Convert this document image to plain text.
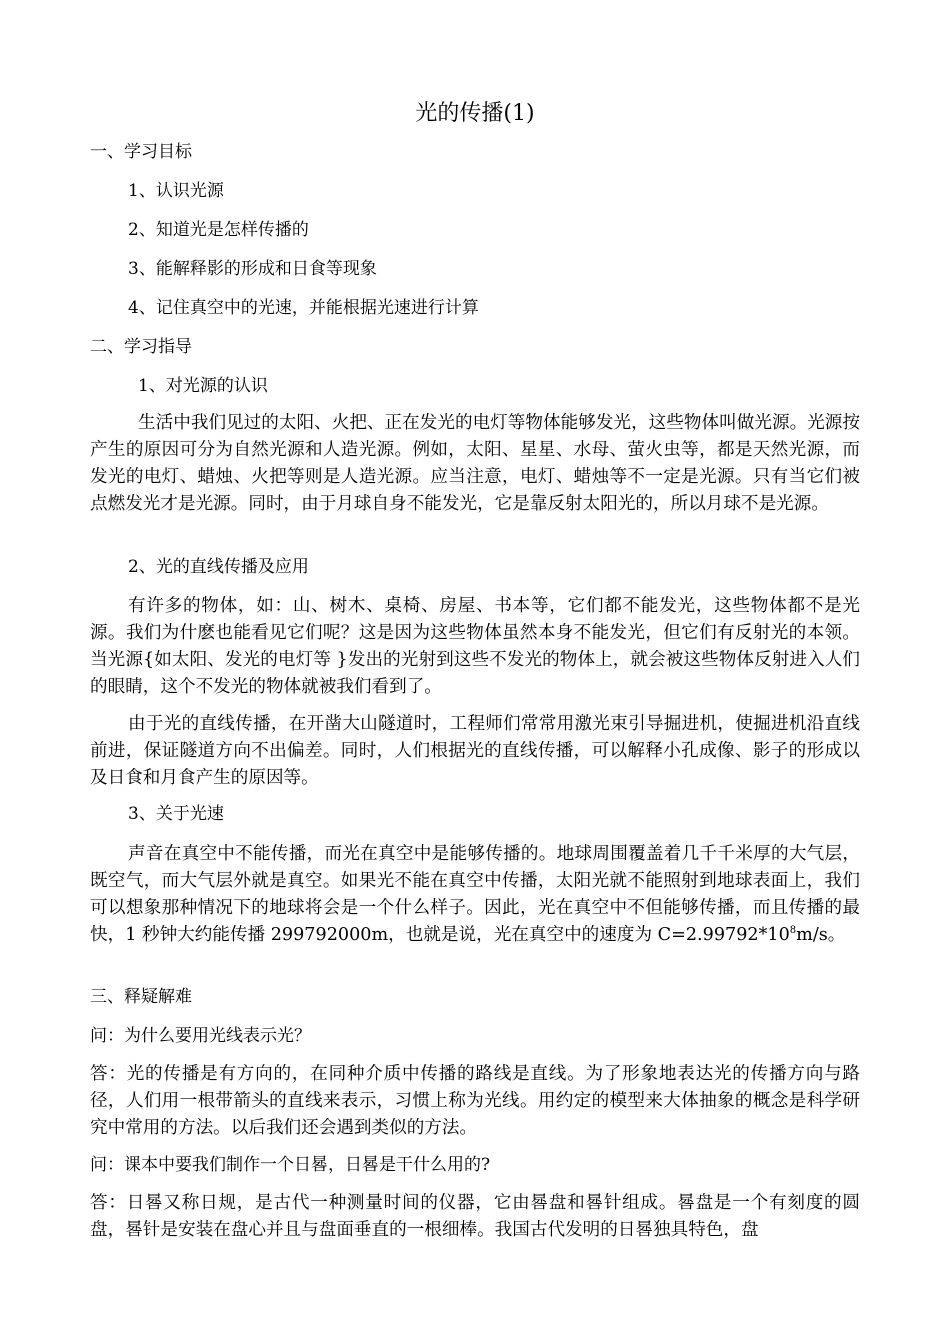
光的传播(1)

一、学习目标

1、认识光源

2、知道光是怎样传播的

3、能解释影的形成和日食等现象

4、记住真空中的光速，并能根据光速进行计算

二、学习指导

1、对光源的认识

生活中我们见过的太阳、火把、正在发光的电灯等物体能够发光，这些物体叫做光源。光源按产生的原因可分为自然光源和人造光源。例如，太阳、星星、水母、萤火虫等，都是天然光源，而发光的电灯、蜡烛、火把等则是人造光源。应当注意，电灯、蜡烛等不一定是光源。只有当它们被点燃发光才是光源。同时，由于月球自身不能发光，它是靠反射太阳光的，所以月球不是光源。

2、光的直线传播及应用

有许多的物体，如：山、树木、桌椅、房屋、书本等，它们都不能发光，这些物体都不是光源。我们为什麽也能看见它们呢？这是因为这些物体虽然本身不能发光，但它们有反射光的本领。当光源{如太阳、发光的电灯等 }发出的光射到这些不发光的物体上，就会被这些物体反射进入人们的眼睛，这个不发光的物体就被我们看到了。

由于光的直线传播，在开凿大山隧道时，工程师们常常用激光束引导掘进机，使掘进机沿直线前进，保证隧道方向不出偏差。同时，人们根据光的直线传播，可以解释小孔成像、影子的形成以及日食和月食产生的原因等。

3、关于光速

声音在真空中不能传播，而光在真空中是能够传播的。地球周围覆盖着几千千米厚的大气层，既空气，而大气层外就是真空。如果光不能在真空中传播，太阳光就不能照射到地球表面上，我们可以想象那种情况下的地球将会是一个什么样子。因此，光在真空中不但能够传播，而且传播的最快，1 秒钟大约能传播 299792000m，也就是说，光在真空中的速度为 $C=2.99792*10^8m/s$。

三、释疑解难

问：为什么要用光线表示光？

答：光的传播是有方向的，在同种介质中传播的路线是直线。为了形象地表达光的传播方向与路径，人们用一根带箭头的直线来表示，习惯上称为光线。用约定的模型来大体抽象的概念是科学研究中常用的方法。以后我们还会遇到类似的方法。

问：课本中要我们制作一个日晷，日晷是干什么用的?

答：日晷又称日规，是古代一种测量时间的仪器，它由晷盘和晷针组成。晷盘是一个有刻度的圆盘，晷针是安装在盘心并且与盘面垂直的一根细棒。我国古代发明的日晷独具特色，盘
